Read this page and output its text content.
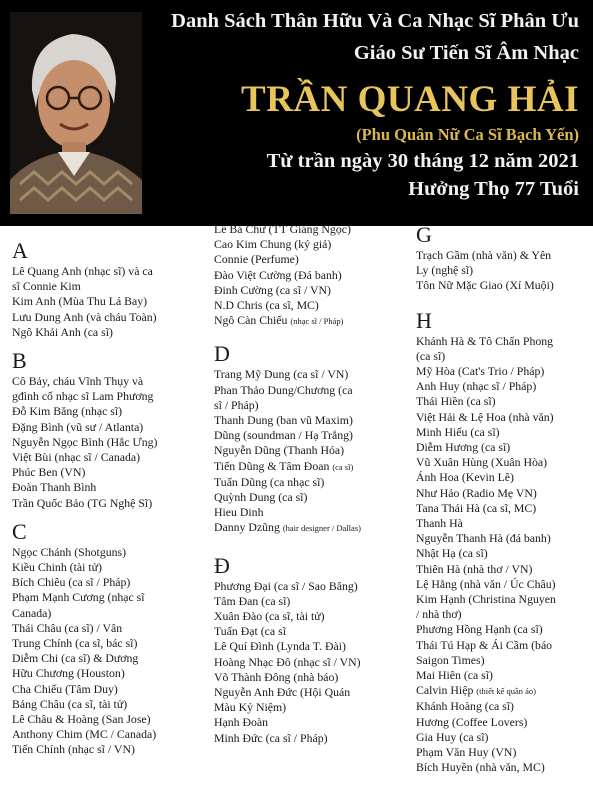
Danh Sách Thân Hữu Và Ca Nhạc Sĩ Phân Ưu
Giáo Sư Tiến Sĩ Âm Nhạc
TRẦN QUANG HẢI
(Phu Quân Nữ Ca Sĩ Bạch Yến)
Từ trần ngày 30 tháng 12 năm 2021
Hưởng Thọ 77 Tuổi

A

Lê Quang Anh (nhạc sĩ) và ca

sĩ Connie Kim

Kim Anh (Mùa Thu Lá Bay)

Lưu Dung Anh (và cháu Toàn)

Ngô Khải Anh (ca sĩ)

B

Cô Bảy, cháu Vĩnh Thụy và

gđình cố nhạc sĩ Lam Phương

Đỗ Kim Băng (nhạc sĩ)

Đặng Bình (vũ sư / Atlanta)

Nguyễn Ngọc Bình (Hắc Ưng)

Việt Bùi (nhạc sĩ / Canada)

Phúc Ben (VN)

Đoàn Thanh Bình

Trần Quốc Bảo (TG Nghệ Sĩ)

C

Ngọc Chánh (Shotguns)

Kiều Chinh (tài tử)

Bích Chiêu (ca sĩ / Pháp)

Phạm Mạnh Cương (nhạc sĩ

Canada)

Thái Châu (ca sĩ) / Vân

Trung Chính (ca sĩ, bác sĩ)

Diễm Chi (ca sĩ) & Dương

Hữu Chương (Houston)

Cha Chiếu (Tâm Duy)

Bảng Châu (ca sĩ, tài tử)

Lê Châu & Hoàng (San Jose)

Anthony Chim (MC / Canada)

Tiến Chính (nhạc sĩ / VN)

Lê Bá Chư (TT Giáng Ngọc)

Cao Kim Chung (ký giả)

Connie (Perfume)

Đào Việt Cường (Đá banh)

Đinh Cường (ca sĩ / VN)

N.D Chris (ca sĩ, MC)

Ngô Càn Chiếu (nhạc sĩ / Pháp)

D

Trang Mỹ Dung (ca sĩ / VN)

Phan Thảo Dung/Chương (ca

sĩ / Pháp)

Thanh Dung (ban vũ Maxim)

Dũng (soundman / Hạ Trắng)

Nguyễn Dũng (Thanh Hóa)

Tiến Dũng & Tâm Đoan (ca sĩ)

Tuấn Dũng (ca nhạc sĩ)

Quỳnh Dung (ca sĩ)

Hieu Dinh

Danny Dzũng (hair designer / Dallas)

Đ

Phương Đại (ca sĩ / Sao Băng)

Tâm Đan (ca sĩ)

Xuân Đào (ca sĩ, tài tử)

Tuấn Đạt (ca sĩ

Lê Quí Đình (Lynda T. Đài)

Hoàng Nhạc Đô (nhạc sĩ / VN)

Võ Thành Đông (nhà báo)

Nguyễn Anh Đức (Hội Quán

Màu Kỷ Niệm)

Hạnh Đoàn

Minh Đức (ca sĩ / Pháp)

G

Trạch Gầm (nhà văn) & Yên

Ly (nghệ sĩ)

Tôn Nữ Mặc Giao (Xí Muội)

H

Khánh Hà & Tô Chấn Phong

(ca sĩ)

Mỹ Hòa (Cat's Trio / Pháp)

Anh Huy (nhạc sĩ / Pháp)

Thái Hiền (ca sĩ)

Việt Hải & Lệ Hoa (nhà văn)

Minh Hiếu (ca sĩ)

Diễm Hương (ca sĩ)

Vũ Xuân Hùng (Xuân Hòa)

Ánh Hoa (Kevin Lê)

Như Hảo (Radio Mẹ VN)

Tana Thái Hà (ca sĩ, MC)

Thanh Hà

Nguyễn Thanh Hà (đá banh)

Nhật Hạ (ca sĩ)

Thiên Hà (nhà thơ / VN)

Lệ Hằng (nhà văn / Úc Châu)

Kim Hạnh (Christina Nguyen

/ nhà thơ)

Phương Hồng Hạnh (ca sĩ)

Thái Tú Hạp & Ái Cầm (báo

Saigon Times)

Mai Hiên (ca sĩ)

Calvin Hiệp (thiết kế quần áo)

Khánh Hoàng (ca sĩ)

Hương (Coffee Lovers)

Gia Huy (ca sĩ)

Phạm Văn Huy (VN)

Bích Huyền (nhà văn, MC)
